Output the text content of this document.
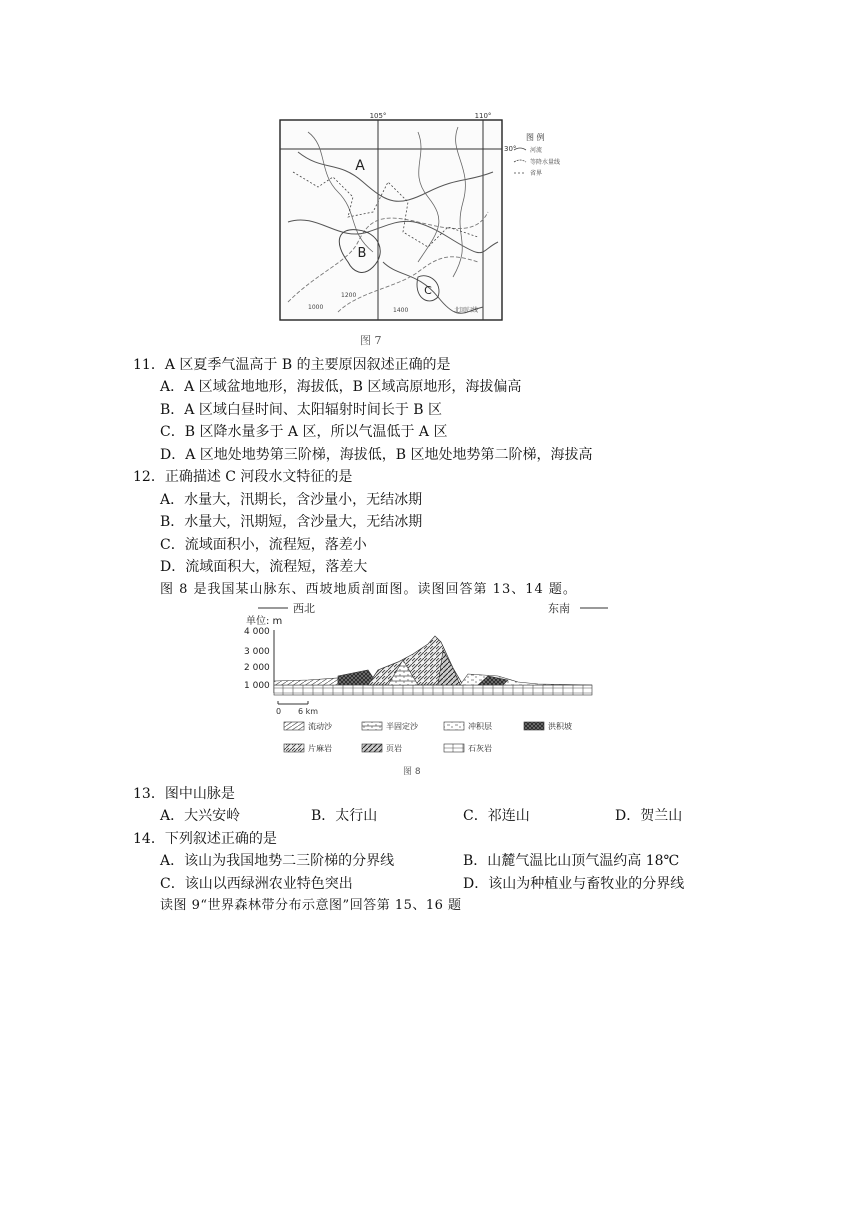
105°	110°
30°
A
B
C
1000
1200
1400	北回归线
图 例
河流
等降水量线
省界
图 7
11．A 区夏季气温高于 B 的主要原因叙述正确的是
A．A 区域盆地地形，海拔低，B 区域高原地形，海拔偏高
B．A 区域白昼时间、太阳辐射时间长于 B 区
C．B 区降水量多于 A 区，所以气温低于 A 区
D．A 区地处地势第三阶梯，海拔低，B 区地处地势第二阶梯，海拔高
12．正确描述 C 河段水文特征的是
A．水量大，汛期长，含沙量小，无结冰期
B．水量大，汛期短，含沙量大，无结冰期
C．流域面积小，流程短，落差小
D．流域面积大，流程短，落差大
图 8 是我国某山脉东、西坡地质剖面图。读图回答第 13、14 题。
西北	东南
单位: m
4 000
3 000
2 000
1 000
0 6 km
流动沙	半固定沙	冲积层	洪积坡
片麻岩	页岩	石灰岩
图 8
13．图中山脉是
A．大兴安岭	B．太行山	C．祁连山	D．贺兰山
14．下列叙述正确的是
A．该山为我国地势二三阶梯的分界线	B．山麓气温比山顶气温约高 18℃
C．该山以西绿洲农业特色突出	D．该山为种植业与畜牧业的分界线
读图 9“世界森林带分布示意图”回答第 15、16 题
